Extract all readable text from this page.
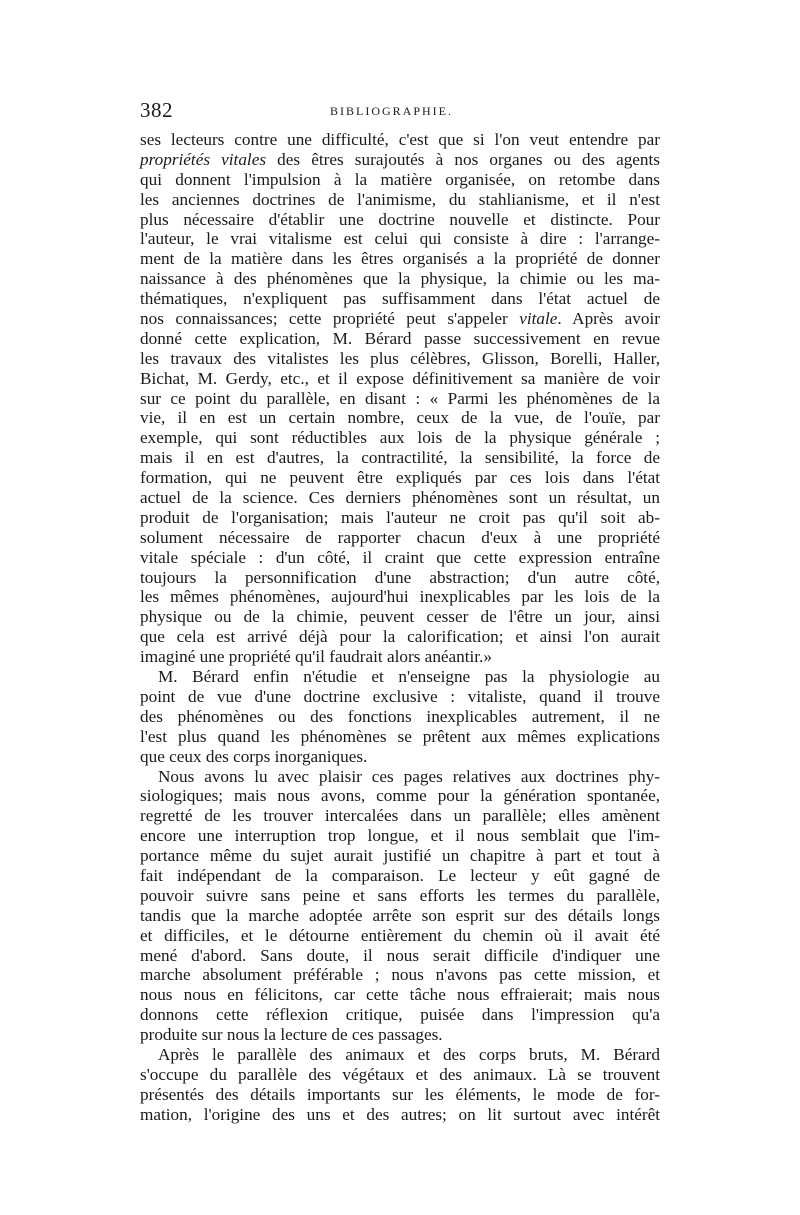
382	BIBLIOGRAPHIE.
ses lecteurs contre une difficulté, c'est que si l'on veut entendre par
propriétés vitales des êtres surajoutés à nos organes ou des agents
qui donnent l'impulsion à la matière organisée, on retombe dans
les anciennes doctrines de l'animisme, du stahlianisme, et il n'est
plus nécessaire d'établir une doctrine nouvelle et distincte. Pour
l'auteur, le vrai vitalisme est celui qui consiste à dire : l'arrange-
ment de la matière dans les êtres organisés a la propriété de donner
naissance à des phénomènes que la physique, la chimie ou les ma-
thématiques, n'expliquent pas suffisamment dans l'état actuel de
nos connaissances; cette propriété peut s'appeler vitale. Après avoir
donné cette explication, M. Bérard passe successivement en revue
les travaux des vitalistes les plus célèbres, Glisson, Borelli, Haller,
Bichat, M. Gerdy, etc., et il expose définitivement sa manière de voir
sur ce point du parallèle, en disant : « Parmi les phénomènes de la
vie, il en est un certain nombre, ceux de la vue, de l'ouïe, par
exemple, qui sont réductibles aux lois de la physique générale ;
mais il en est d'autres, la contractilité, la sensibilité, la force de
formation, qui ne peuvent être expliqués par ces lois dans l'état
actuel de la science. Ces derniers phénomènes sont un résultat, un
produit de l'organisation; mais l'auteur ne croit pas qu'il soit ab-
solument nécessaire de rapporter chacun d'eux à une propriété
vitale spéciale : d'un côté, il craint que cette expression entraîne
toujours la personnification d'une abstraction; d'un autre côté,
les mêmes phénomènes, aujourd'hui inexplicables par les lois de la
physique ou de la chimie, peuvent cesser de l'être un jour, ainsi
que cela est arrivé déjà pour la calorification; et ainsi l'on aurait
imaginé une propriété qu'il faudrait alors anéantir.»
M. Bérard enfin n'étudie et n'enseigne pas la physiologie au
point de vue d'une doctrine exclusive : vitaliste, quand il trouve
des phénomènes ou des fonctions inexplicables autrement, il ne
l'est plus quand les phénomènes se prêtent aux mêmes explications
que ceux des corps inorganiques.
Nous avons lu avec plaisir ces pages relatives aux doctrines phy-
siologiques; mais nous avons, comme pour la génération spontanée,
regretté de les trouver intercalées dans un parallèle; elles amènent
encore une interruption trop longue, et il nous semblait que l'im-
portance même du sujet aurait justifié un chapitre à part et tout à
fait indépendant de la comparaison. Le lecteur y eût gagné de
pouvoir suivre sans peine et sans efforts les termes du parallèle,
tandis que la marche adoptée arrête son esprit sur des détails longs
et difficiles, et le détourne entièrement du chemin où il avait été
mené d'abord. Sans doute, il nous serait difficile d'indiquer une
marche absolument préférable ; nous n'avons pas cette mission, et
nous nous en félicitons, car cette tâche nous effraierait; mais nous
donnons cette réflexion critique, puisée dans l'impression qu'a
produite sur nous la lecture de ces passages.
Après le parallèle des animaux et des corps bruts, M. Bérard
s'occupe du parallèle des végétaux et des animaux. Là se trouvent
présentés des détails importants sur les éléments, le mode de for-
mation, l'origine des uns et des autres; on lit surtout avec intérêt
